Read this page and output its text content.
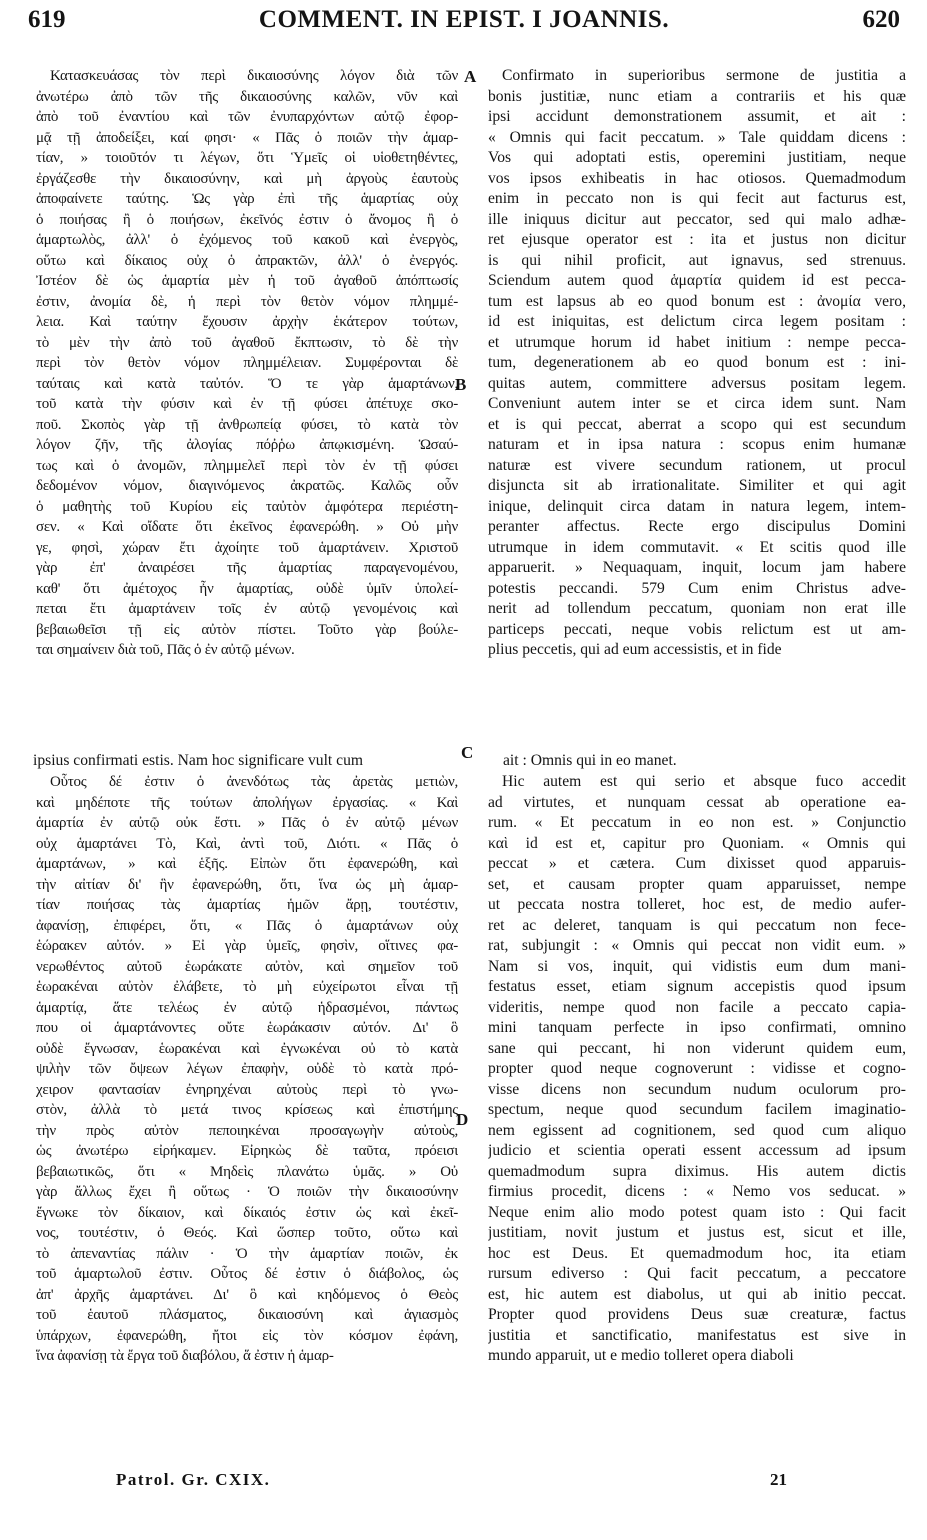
619	COMMENT. IN EPIST. I JOANNIS.	620
Κατασκευάσας τὸν περὶ δικαιοσύνης λόγον διὰ τῶν
ἀνωτέρω ἀπὸ τῶν τῆς δικαιοσύνης καλῶν, νῦν καὶ
ἀπὸ τοῦ ἐναντίου καὶ τῶν ἐνυπαρχόντων αὐτῷ ἐφορ-
μᾷ τῇ ἀποδείξει, καί φησι· « Πᾶς ὁ ποιῶν τὴν ἁμαρ-
τίαν, » τοιοῦτόν τι λέγων, ὅτι Ὑμεῖς οἱ υἱοθετηθέντες,
ἐργάζεσθε τὴν δικαιοσύνην, καὶ μὴ ἀργοὺς ἑαυτοὺς
ἀποφαίνετε ταύτης. Ὡς γὰρ ἐπὶ τῆς ἁμαρτίας οὐχ
ὁ ποιήσας ἢ ὁ ποιήσων, ἐκεῖνός ἐστιν ὁ ἄνομος ἢ ὁ
ἁμαρτωλὸς, ἀλλ' ὁ ἐχόμενος τοῦ κακοῦ καὶ ἐνεργὸς,
οὕτω καὶ δίκαιος οὐχ ὁ ἀπρακτῶν, ἀλλ' ὁ ἐνεργός.
Ἰστέον δὲ ὡς ἁμαρτία μὲν ἡ τοῦ ἀγαθοῦ ἀπόπτωσίς
ἐστιν, ἀνομία δὲ, ἡ περὶ τὸν θετὸν νόμον πλημμέ-
λεια. Καὶ ταύτην ἔχουσιν ἀρχὴν ἑκάτερον τούτων,
τὸ μὲν τὴν ἀπὸ τοῦ ἀγαθοῦ ἔκπτωσιν, τὸ δὲ τὴν
περὶ τὸν θετὸν νόμον πλημμέλειαν. Συμφέρονται δὲ
ταύταις καὶ κατὰ ταὐτόν. Ὅ τε γὰρ ἁμαρτάνων,
τοῦ κατὰ τὴν φύσιν καὶ ἐν τῇ φύσει ἀπέτυχε σκο-
ποῦ. Σκοπὸς γὰρ τῇ ἀνθρωπείᾳ φύσει, τὸ κατὰ τὸν
λόγον ζῆν, τῆς ἀλογίας πόῤῥω ἀπῳκισμένη. Ὡσαύ-
τως καὶ ὁ ἀνομῶν, πλημμελεῖ περὶ τὸν ἐν τῇ φύσει
δεδομένον νόμον, διαγινόμενος ἀκρατῶς. Καλῶς οὖν
ὁ μαθητὴς τοῦ Κυρίου εἰς ταὐτὸν ἀμφότερα περιέστη-
σεν. « Καὶ οἴδατε ὅτι ἐκεῖνος ἐφανερώθη. » Οὐ μὴν
γε, φησὶ, χώραν ἔτι ἀχοίητε τοῦ ἁμαρτάνειν. Χριστοῦ
γὰρ ἐπ' ἀναιρέσει τῆς ἁμαρτίας παραγενομένου,
καθ' ὅτι ἀμέτοχος ἦν ἁμαρτίας, οὐδὲ ὑμῖν ὑπολεί-
πεται ἔτι ἁμαρτάνειν τοῖς ἐν αὐτῷ γενομένοις καὶ
βεβαιωθεῖσι τῇ εἰς αὐτὸν πίστει. Τοῦτο γὰρ βούλε-
ται σημαίνειν διὰ τοῦ, Πᾶς ὁ ἐν αὐτῷ μένων.
Confirmato in superioribus sermone de justitia a
bonis justitiæ, nunc etiam a contrariis et his quæ
ipsi accidunt demonstrationem assumit, et ait :
« Omnis qui facit peccatum. » Tale quiddam dicens :
Vos qui adoptati estis, operemini justitiam, neque
vos ipsos exhibeatis in hac otiosos. Quemadmodum
enim in peccato non is qui fecit aut facturus est,
ille iniquus dicitur aut peccator, sed qui malo adhæ-
ret ejusque operator est : ita et justus non dicitur
is qui nihil proficit, aut ignavus, sed strenuus.
Sciendum autem quod ἁμαρτία quidem id est pecca-
tum est lapsus ab eo quod bonum est : ἀνομία vero,
id est iniquitas, est delictum circa legem positam :
et utrumque horum id habet initium : nempe pecca-
tum, degenerationem ab eo quod bonum est : ini-
quitas autem, committere adversus positam legem.
Conveniunt autem inter se et circa idem sunt. Nam
et is qui peccat, aberrat a scopo qui est secundum
naturam et in ipsa natura : scopus enim humanæ
naturæ est vivere secundum rationem, ut procul
disjuncta sit ab irrationalitate. Similiter et qui agit
inique, delinquit circa datam in natura legem, intem-
peranter affectus. Recte ergo discipulus Domini
utrumque in idem commutavit. « Et scitis quod ille
apparuerit. » Nequaquam, inquit, locum jam habere
potestis peccandi. 579 Cum enim Christus adve-
nerit ad tollendum peccatum, quoniam non erat ille
particeps peccati, neque vobis relictum est ut am-
plius peccetis, qui ad eum accessistis, et in fide
ipsius confirmati estis. Nam hoc significare vult cum	ait : Omnis qui in eo manet.
Οὗτος δέ ἐστιν ὁ ἀνενδότως τὰς ἀρετὰς μετιὼν,
καὶ μηδέποτε τῆς τούτων ἀπολήγων ἐργασίας. « Καὶ
ἁμαρτία ἐν αὐτῷ οὐκ ἔστι. » Πᾶς ὁ ἐν αὐτῷ μένων
οὐχ ἁμαρτάνει Τὸ, Καὶ, ἀντὶ τοῦ, Διότι. « Πᾶς ὁ
ἁμαρτάνων, » καὶ ἑξῆς. Εἰπὼν ὅτι ἐφανερώθη, καὶ
τὴν αἰτίαν δι' ἣν ἐφανερώθη, ὅτι, ἵνα ὡς μὴ ἁμαρ-
τίαν ποιήσας τὰς ἁμαρτίας ἡμῶν ἄρῃ, τουτέστιν,
ἀφανίσῃ, ἐπιφέρει, ὅτι, « Πᾶς ὁ ἁμαρτάνων οὐχ
ἑώρακεν αὐτόν. » Εἰ γὰρ ὑμεῖς, φησὶν, οἵτινες φα-
νερωθέντος αὐτοῦ ἑωράκατε αὐτὸν, καὶ σημεῖον τοῦ
ἑωρακέναι αὐτὸν ἐλάβετε, τὸ μὴ εὐχείρωτοι εἶναι τῇ
ἁμαρτίᾳ, ἅτε τελέως ἐν αὐτῷ ἡδρασμένοι, πάντως
που οἱ ἁμαρτάνοντες οὔτε ἑωράκασιν αὐτόν. Δι' ὃ
οὐδὲ ἔγνωσαν, ἑωρακέναι καὶ ἐγνωκέναι οὐ τὸ κατὰ
ψιλὴν τῶν ὄψεων λέγων ἐπαφὴν, οὐδὲ τὸ κατὰ πρό-
χειρον φαντασίαν ἐνηρηχέναι αὐτοὺς περὶ τὸ γνω-
στὸν, ἀλλὰ τὸ μετά τινος κρίσεως καὶ ἐπιστήμης
τὴν πρὸς αὐτὸν πεποιηκέναι προσαγωγὴν αὐτοὺς,
ὡς ἀνωτέρω εἰρήκαμεν. Εἰρηκὼς δὲ ταῦτα, πρόεισι
βεβαιωτικῶς, ὅτι « Μηδεὶς πλανάτω ὑμᾶς. » Οὐ
γὰρ ἄλλως ἔχει ἢ οὕτως · Ὁ ποιῶν τὴν δικαιοσύνην
ἔγνωκε τὸν δίκαιον, καὶ δίκαιός ἐστιν ὡς καὶ ἐκεῖ-
νος, τουτέστιν, ὁ Θεός. Καὶ ὥσπερ τοῦτο, οὕτω καὶ
τὸ ἀπεναντίας πάλιν · Ὁ τὴν ἁμαρτίαν ποιῶν, ἐκ
τοῦ ἁμαρτωλοῦ ἐστιν. Οὗτος δέ ἐστιν ὁ διάβολος, ὡς
ἀπ' ἀρχῆς ἁμαρτάνει. Δι' ὃ καὶ κηδόμενος ὁ Θεὸς
τοῦ ἑαυτοῦ πλάσματος, δικαιοσύνη καὶ ἁγιασμὸς
ὑπάρχων, ἐφανερώθη, ἤτοι εἰς τὸν κόσμον ἐφάνη,
ἵνα ἀφανίσῃ τὰ ἔργα τοῦ διαβόλου, ἅ ἐστιν ἡ ἁμαρ-
Hic autem est qui serio et absque fuco accedit
ad virtutes, et nunquam cessat ab operatione ea-
rum. « Et peccatum in eo non est. » Conjunctio
καὶ id est et, capitur pro Quoniam. « Omnis qui
peccat » et cætera. Cum dixisset quod apparuis-
set, et causam propter quam apparuisset, nempe
ut peccata nostra tolleret, hoc est, de medio aufer-
ret ac deleret, tanquam is qui peccatum non fece-
rat, subjungit : « Omnis qui peccat non vidit eum. »
Nam si vos, inquit, qui vidistis eum dum mani-
festatus esset, etiam signum accepistis quod ipsum
videritis, nempe quod non facile a peccato capia-
mini tanquam perfecte in ipso confirmati, omnino
sane qui peccant, hi non viderunt quidem eum,
propter quod neque cognoverunt : vidisse et cogno-
visse dicens non secundum nudum oculorum pro-
spectum, neque quod secundum facilem imaginatio-
nem egissent ad cognitionem, sed quod cum aliquo
judicio et scientia operati essent accessum ad ipsum
quemadmodum supra diximus. His autem dictis
firmius procedit, dicens : « Nemo vos seducat. »
Neque enim alio modo potest quam isto : Qui facit
justitiam, novit justum et justus est, sicut et ille,
hoc est Deus. Et quemadmodum hoc, ita etiam
rursum ediverso : Qui facit peccatum, a peccatore
est, hic autem est diabolus, ut qui ab initio peccat.
Propter quod providens Deus suæ creaturæ, factus
justitia et sanctificatio, manifestatus est sive in
mundo apparuit, ut e medio tolleret opera diaboli
A
B
C
D
Patrol. Gr. CXIX.	21
